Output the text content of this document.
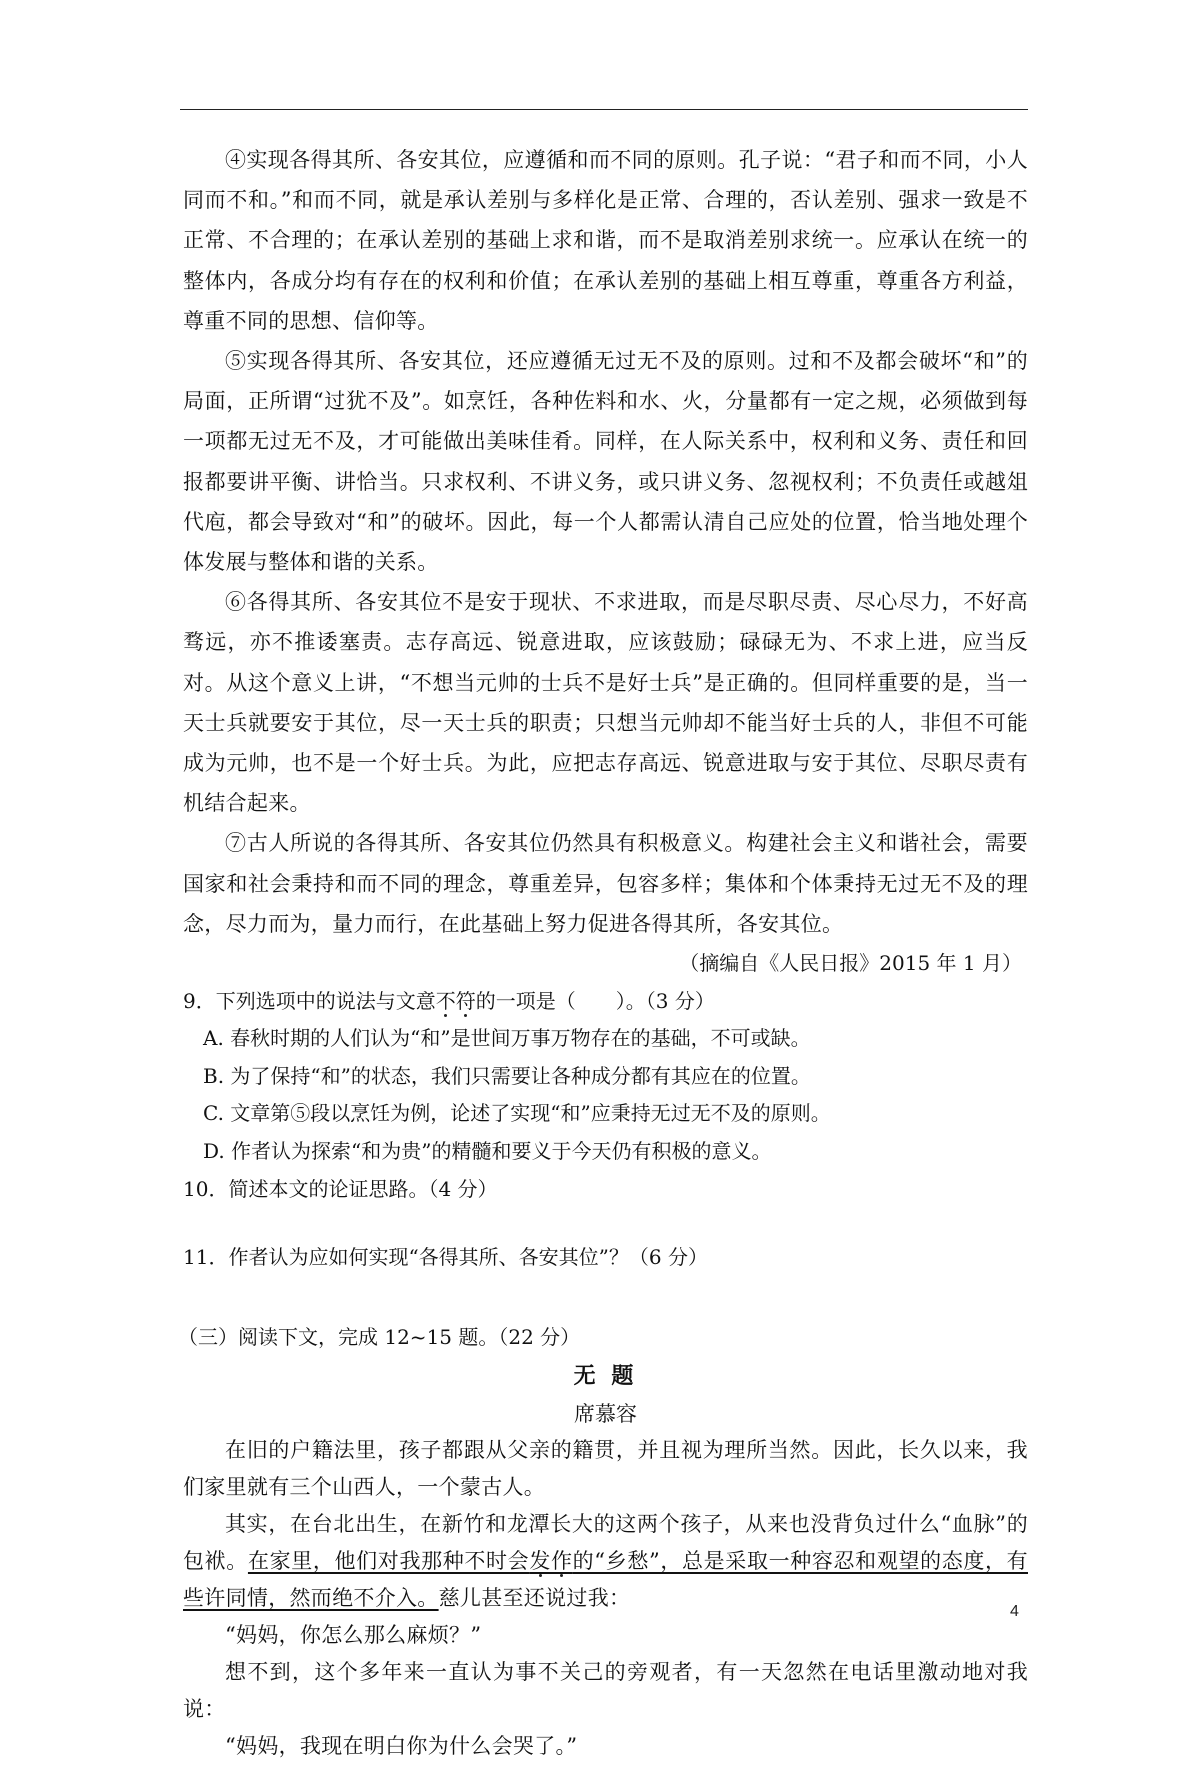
④实现各得其所、各安其位，应遵循和而不同的原则。孔子说：“君子和而不同，小人同而不和。”和而不同，就是承认差别与多样化是正常、合理的，否认差别、强求一致是不正常、不合理的；在承认差别的基础上求和谐，而不是取消差别求统一。应承认在统一的整体内，各成分均有存在的权利和价值；在承认差别的基础上相互尊重，尊重各方利益，尊重不同的思想、信仰等。

⑤实现各得其所、各安其位，还应遵循无过无不及的原则。过和不及都会破坏“和”的局面，正所谓“过犹不及”。如烹饪，各种佐料和水、火，分量都有一定之规，必须做到每一项都无过无不及，才可能做出美味佳肴。同样，在人际关系中，权利和义务、责任和回报都要讲平衡、讲恰当。只求权利、不讲义务，或只讲义务、忽视权利；不负责任或越俎代庖，都会导致对“和”的破坏。因此，每一个人都需认清自己应处的位置，恰当地处理个体发展与整体和谐的关系。

⑥各得其所、各安其位不是安于现状、不求进取，而是尽职尽责、尽心尽力，不好高骛远，亦不推诿塞责。志存高远、锐意进取，应该鼓励；碌碌无为、不求上进，应当反对。从这个意义上讲，“不想当元帅的士兵不是好士兵”是正确的。但同样重要的是，当一天士兵就要安于其位，尽一天士兵的职责；只想当元帅却不能当好士兵的人，非但不可能成为元帅，也不是一个好士兵。为此，应把志存高远、锐意进取与安于其位、尽职尽责有机结合起来。

⑦古人所说的各得其所、各安其位仍然具有积极意义。构建社会主义和谐社会，需要国家和社会秉持和而不同的理念，尊重差异，包容多样；集体和个体秉持无过无不及的理念，尽力而为，量力而行，在此基础上努力促进各得其所，各安其位。

（摘编自《人民日报》2015 年 1 月）

9．下列选项中的说法与文意不符的一项是（　　）。（3 分）

A. 春秋时期的人们认为“和”是世间万事万物存在的基础，不可或缺。

B. 为了保持“和”的状态，我们只需要让各种成分都有其应在的位置。

C. 文章第⑤段以烹饪为例，论述了实现“和”应秉持无过无不及的原则。

D. 作者认为探索“和为贵”的精髓和要义于今天仍有积极的意义。

10．简述本文的论证思路。（4 分）

11．作者认为应如何实现“各得其所、各安其位”？（6 分）

（三）阅读下文，完成 12~15 题。（22 分）

无 题

席慕容

在旧的户籍法里，孩子都跟从父亲的籍贯，并且视为理所当然。因此，长久以来，我们家里就有三个山西人，一个蒙古人。

其实，在台北出生，在新竹和龙潭长大的这两个孩子，从来也没背负过什么“血脉”的包袱。在家里，他们对我那种不时会发作的“乡愁”，总是采取一种容忍和观望的态度，有些许同情，然而绝不介入。慈儿甚至还说过我：

“妈妈，你怎么那么麻烦？”

想不到，这个多年来一直认为事不关己的旁观者，有一天忽然在电话里激动地对我说：

“妈妈，我现在明白你为什么会哭了。”

4
